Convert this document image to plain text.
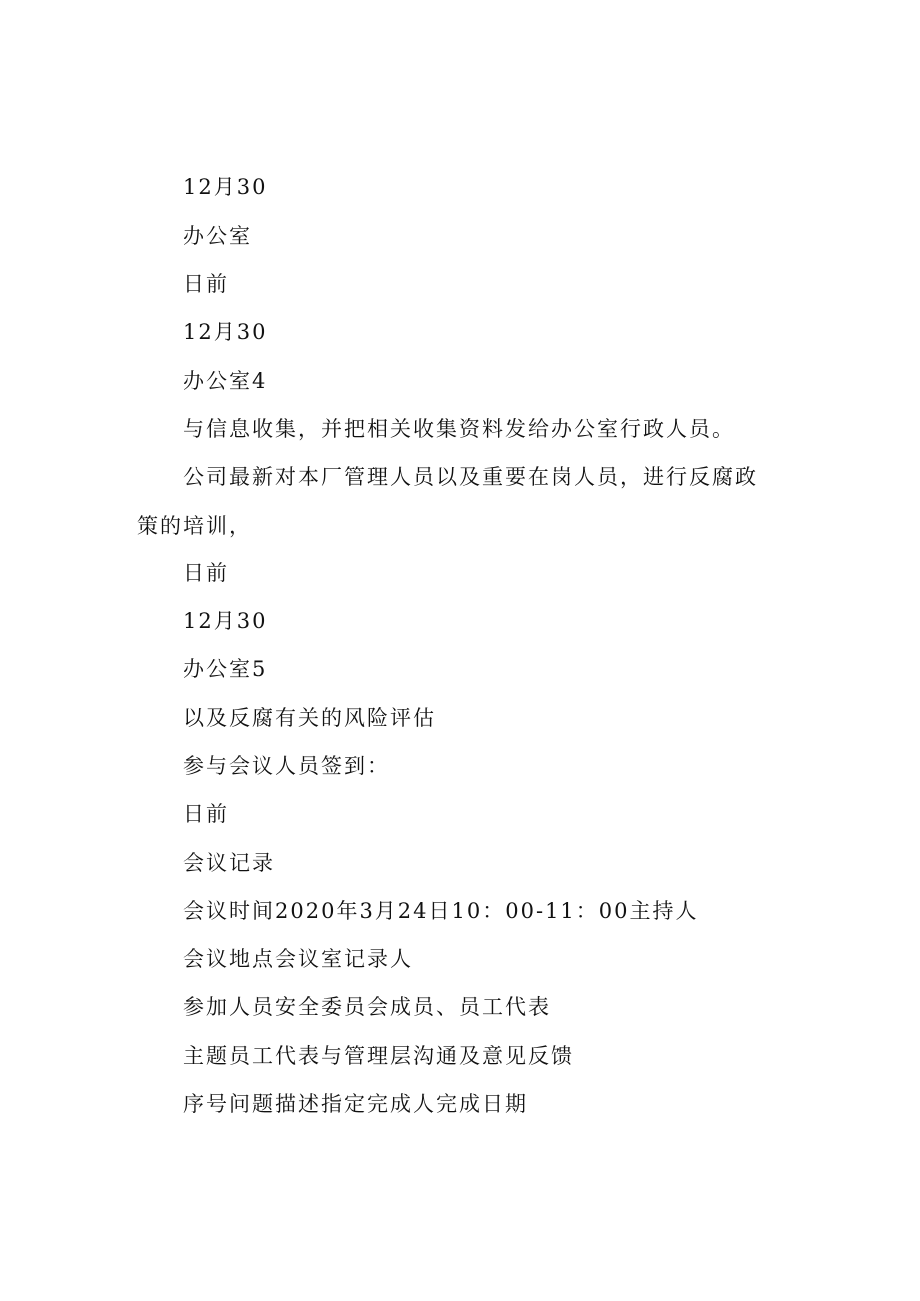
12月30
办公室
日前
12月30
办公室4
与信息收集，并把相关收集资料发给办公室行政人员。
公司最新对本厂管理人员以及重要在岗人员，进行反腐政
策的培训，
日前
12月30
办公室5
以及反腐有关的风险评估
参与会议人员签到：
日前
会议记录
会议时间2020年3月24日10：00-11：00主持人
会议地点会议室记录人
参加人员安全委员会成员、员工代表
主题员工代表与管理层沟通及意见反馈
序号问题描述指定完成人完成日期
